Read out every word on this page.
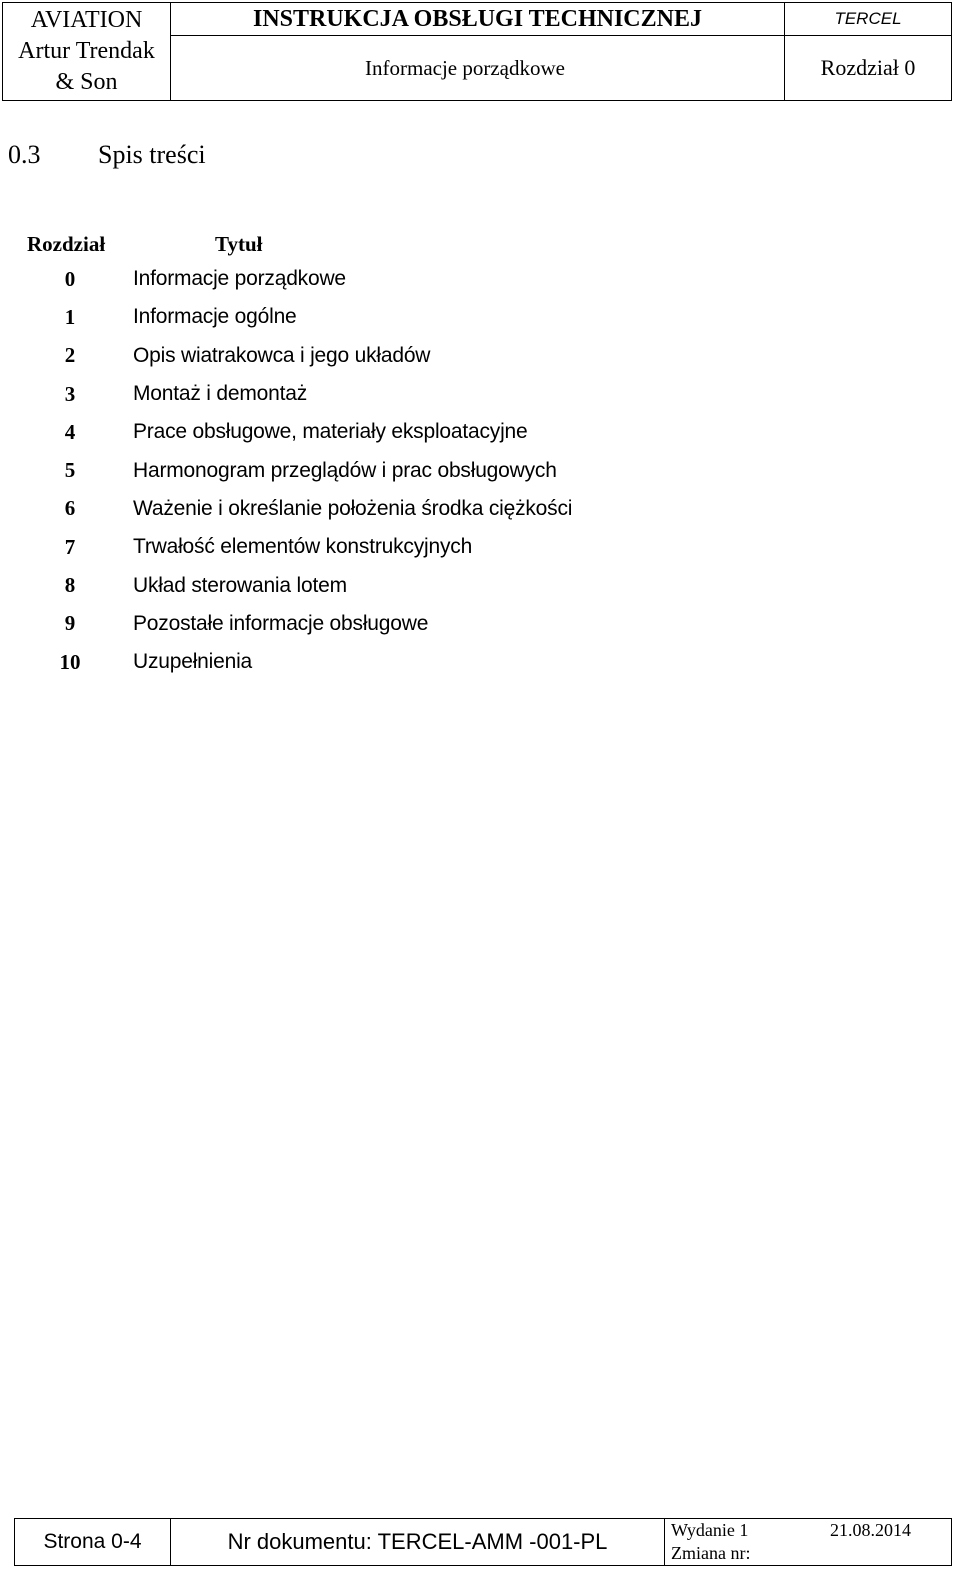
AVIATION
Artur Trendak
& Son	INSTRUKCJA OBSŁUGI TECHNICZNEJ	TERCEL
	Informacje porządkowe	Rozdział 0
0.3 Spis treści
Rozdział	Tytuł
0	Informacje porządkowe
1	Informacje ogólne
2	Opis wiatrakowca i jego układów
3	Montaż i demontaż
4	Prace obsługowe, materiały eksploatacyjne
5	Harmonogram przeglądów i prac obsługowych
6	Ważenie i określanie położenia środka ciężkości
7	Trwałość elementów konstrukcyjnych
8	Układ sterowania lotem
9	Pozostałe informacje obsługowe
10	Uzupełnienia
Strona 0-4	Nr dokumentu: TERCEL-AMM -001-PL	Wydanie 1	21.08.2014
Zmiana nr:
